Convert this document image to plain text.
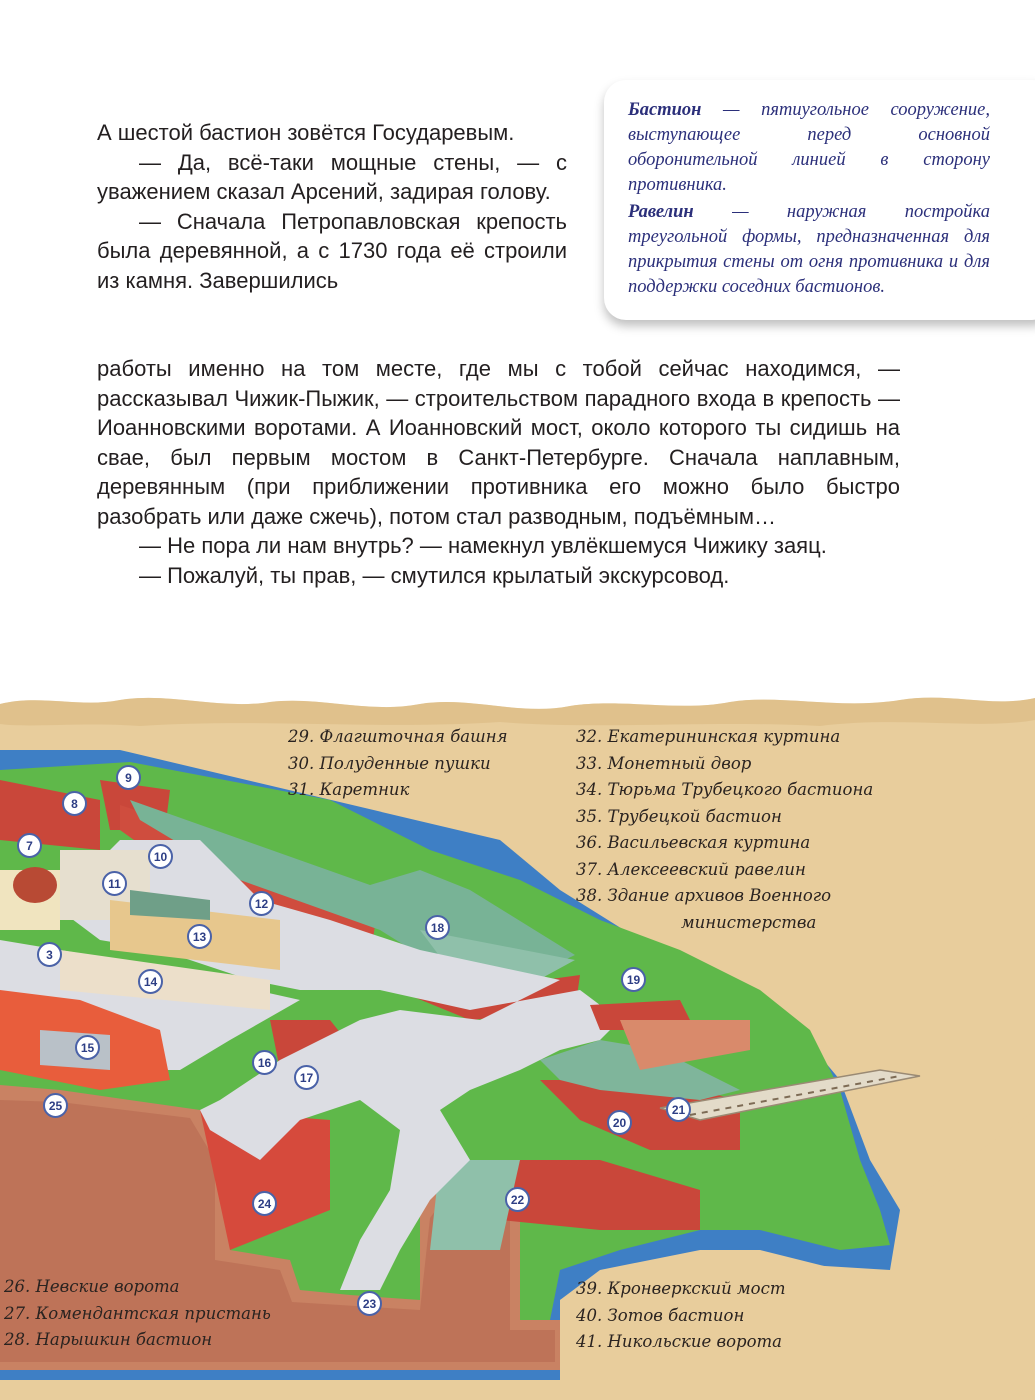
А шестой бастион зовётся Государевым.

— Да, всё-таки мощные стены, — с уважением сказал Арсений, задирая голову.

— Сначала Петропавловская крепость была деревянной, а с 1730 года её строили из камня. Завершились

работы именно на том месте, где мы с тобой сейчас находимся, — рассказывал Чижик-Пыжик, — строительством парадного входа в крепость — Иоанновскими воротами. А Иоанновский мост, около которого ты сидишь на свае, был первым мостом в Санкт-Петербурге. Сначала наплавным, деревянным (при приближении противника его можно было быстро разобрать или даже сжечь), потом стал разводным, подъёмным…

— Не пора ли нам внутрь? — намекнул увлёкшемуся Чижику заяц.

— Пожалуй, ты прав, — смутился крылатый экскурсовод.

Бастион — пятиугольное сооружение, выступающее перед основной оборонительной линией в сторону противника.

Равелин — наружная постройка треугольной формы, предназначенная для прикрытия стены от огня противника и для поддержки соседних бастионов.

29. Флагшточная башня
30. Полуденные пушки
31. Каретник
32. Екатерининская куртина
33. Монетный двор
34. Тюрьма Трубецкого бастиона
35. Трубецкой бастион
36. Васильевская куртина
37. Алексеевский равелин
38. Здание архивов Военного
министерства
26. Невские ворота
27. Комендантская пристань
28. Нарышкин бастион
39. Кронверкский мост
40. Зотов бастион
41. Никольские ворота
3
7
8
9
10
11
12
13
14
15
16
17
18
19
20
21
22
23
24
25
